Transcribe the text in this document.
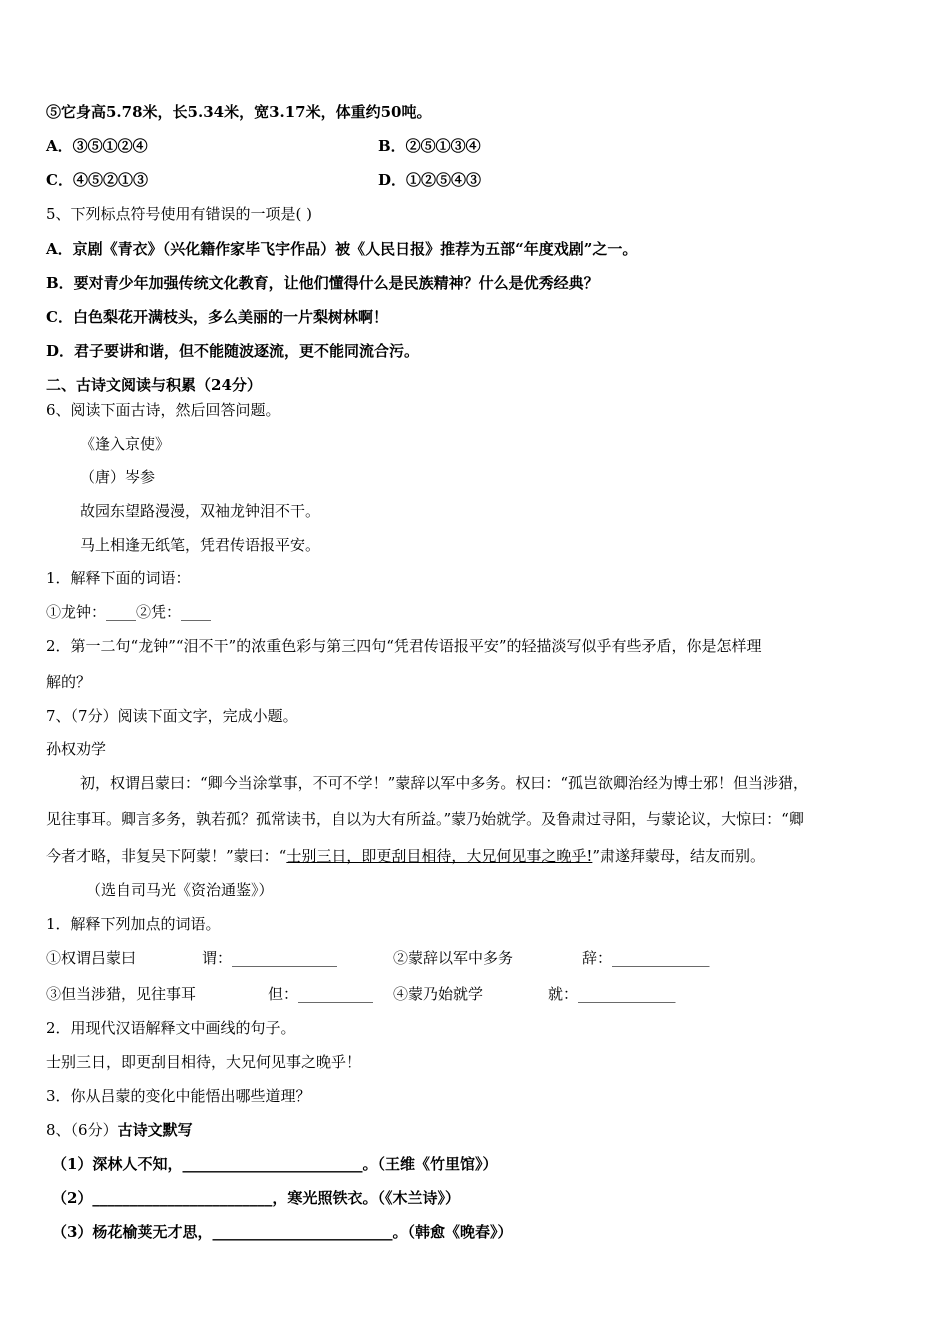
⑤它身高5.78米，长5.34米，宽3.17米，体重约50吨。
A．③⑤①②④	B．②⑤①③④
C．④⑤②①③	D．①②⑤④③
5、下列标点符号使用有错误的一项是( )
A．京剧《青衣》（兴化籍作家毕飞宇作品）被《人民日报》推荐为五部“年度戏剧”之一。
B．要对青少年加强传统文化教育，让他们懂得什么是民族精神？什么是优秀经典？
C．白色梨花开满枝头，多么美丽的一片梨树林啊！
D．君子要讲和谐，但不能随波逐流，更不能同流合污。
二、古诗文阅读与积累（24分）
6、阅读下面古诗，然后回答问题。
《逢入京使》
（唐）岑参
故园东望路漫漫，双袖龙钟泪不干。
马上相逢无纸笔，凭君传语报平安。
1．解释下面的词语：
①龙钟：____②凭：____
2．第一二句“龙钟”“泪不干”的浓重色彩与第三四句“凭君传语报平安”的轻描淡写似乎有些矛盾，你是怎样理
解的？
7、（7分）阅读下面文字，完成小题。
孙权劝学
初，权谓吕蒙曰：“卿今当涂掌事，不可不学！”蒙辞以军中多务。权曰：“孤岂欲卿治经为博士邪！但当涉猎，
见往事耳。卿言多务，孰若孤？孤常读书，自以为大有所益。”蒙乃始就学。及鲁肃过寻阳，与蒙论议，大惊曰：“卿
今者才略，非复吴下阿蒙！”蒙曰：“士别三日，即更刮目相待，大兄何见事之晚乎!”肃遂拜蒙母，结友而别。
（选自司马光《资治通鉴》）
1．解释下列加点的词语。
①权谓吕蒙曰	谓：______________	②蒙辞以军中多务	辞：_____________
③但当涉猎，见往事耳	但：__________ ④蒙乃始就学	就：_____________
2．用现代汉语解释文中画线的句子。
士别三日，即更刮目相待，大兄何见事之晚乎！
3．你从吕蒙的变化中能悟出哪些道理？
8、（6分）古诗文默写
（1）深林人不知，________________________。（王维《竹里馆》）
（2）________________________，寒光照铁衣。（《木兰诗》）
（3）杨花榆荚无才思，________________________。（韩愈《晚春》）
